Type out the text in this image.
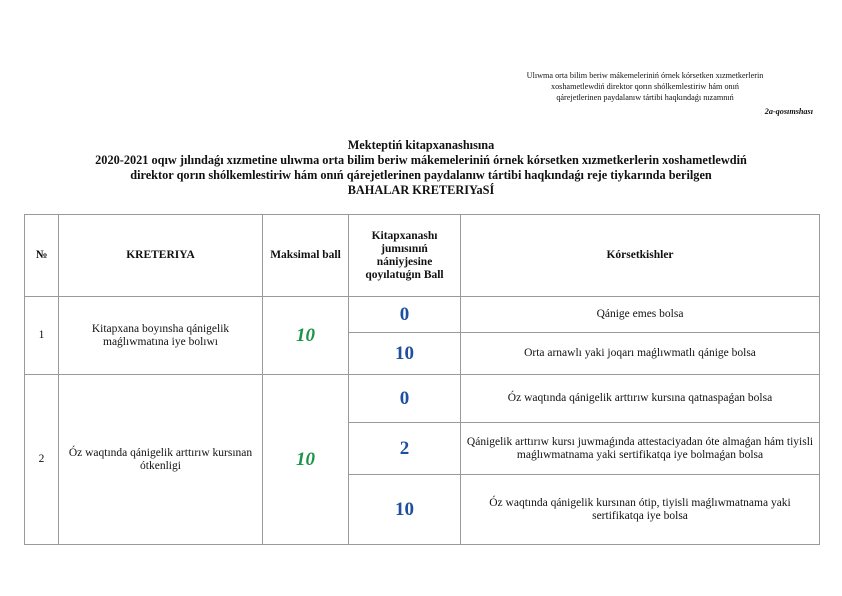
Ulıwma orta bilim beriw mákemeleriniń órnek kórsetken xızmetkerlerin
xoshametlewdiń direktor qorın shólkemlestiriw hám onıń
qárejetlerinen paydalanıw tártibi haqkındaǵı nızamnıń
2a-qosımshası
Mekteptiń kitapxanashısına
2020-2021 oqıw jılındaǵı xızmetine ulıwma orta bilim beriw mákemeleriniń órnek kórsetken xızmetkerlerin xoshametlewdiń
direktor qorın shólkemlestiriw hám onıń qárejetlerinen paydalanıw tártibi haqkındaǵı reje tiykarında berilgen
BAHALAR KRETERIYaSÍ
№	KRETERIYA	Maksimal ball	Kitapxanashı jumısınıń nániyjesine qoyılatuǵın Ball	Kórsetkishler
1	Kitapxana boyınsha qánigelik maǵlıwmatına iye bolıwı	10	0	Qánige emes bolsa
			10	Orta arnawlı yaki joqarı maǵlıwmatlı qánige bolsa
2	Óz waqtında qánigelik arttırıw kursınan ótkenligi	10	0	Óz waqtında qánigelik arttırıw kursına qatnaspaǵan bolsa
			2	Qánigelik arttırıw kursı juwmaǵında attestaciyadan óte almaǵan hám tiyisli maǵlıwmatnama yaki sertifikatqa iye bolmaǵan bolsa
			10	Óz waqtında qánigelik kursınan ótip, tiyisli maǵlıwmatnama yaki sertifikatqa iye bolsa
